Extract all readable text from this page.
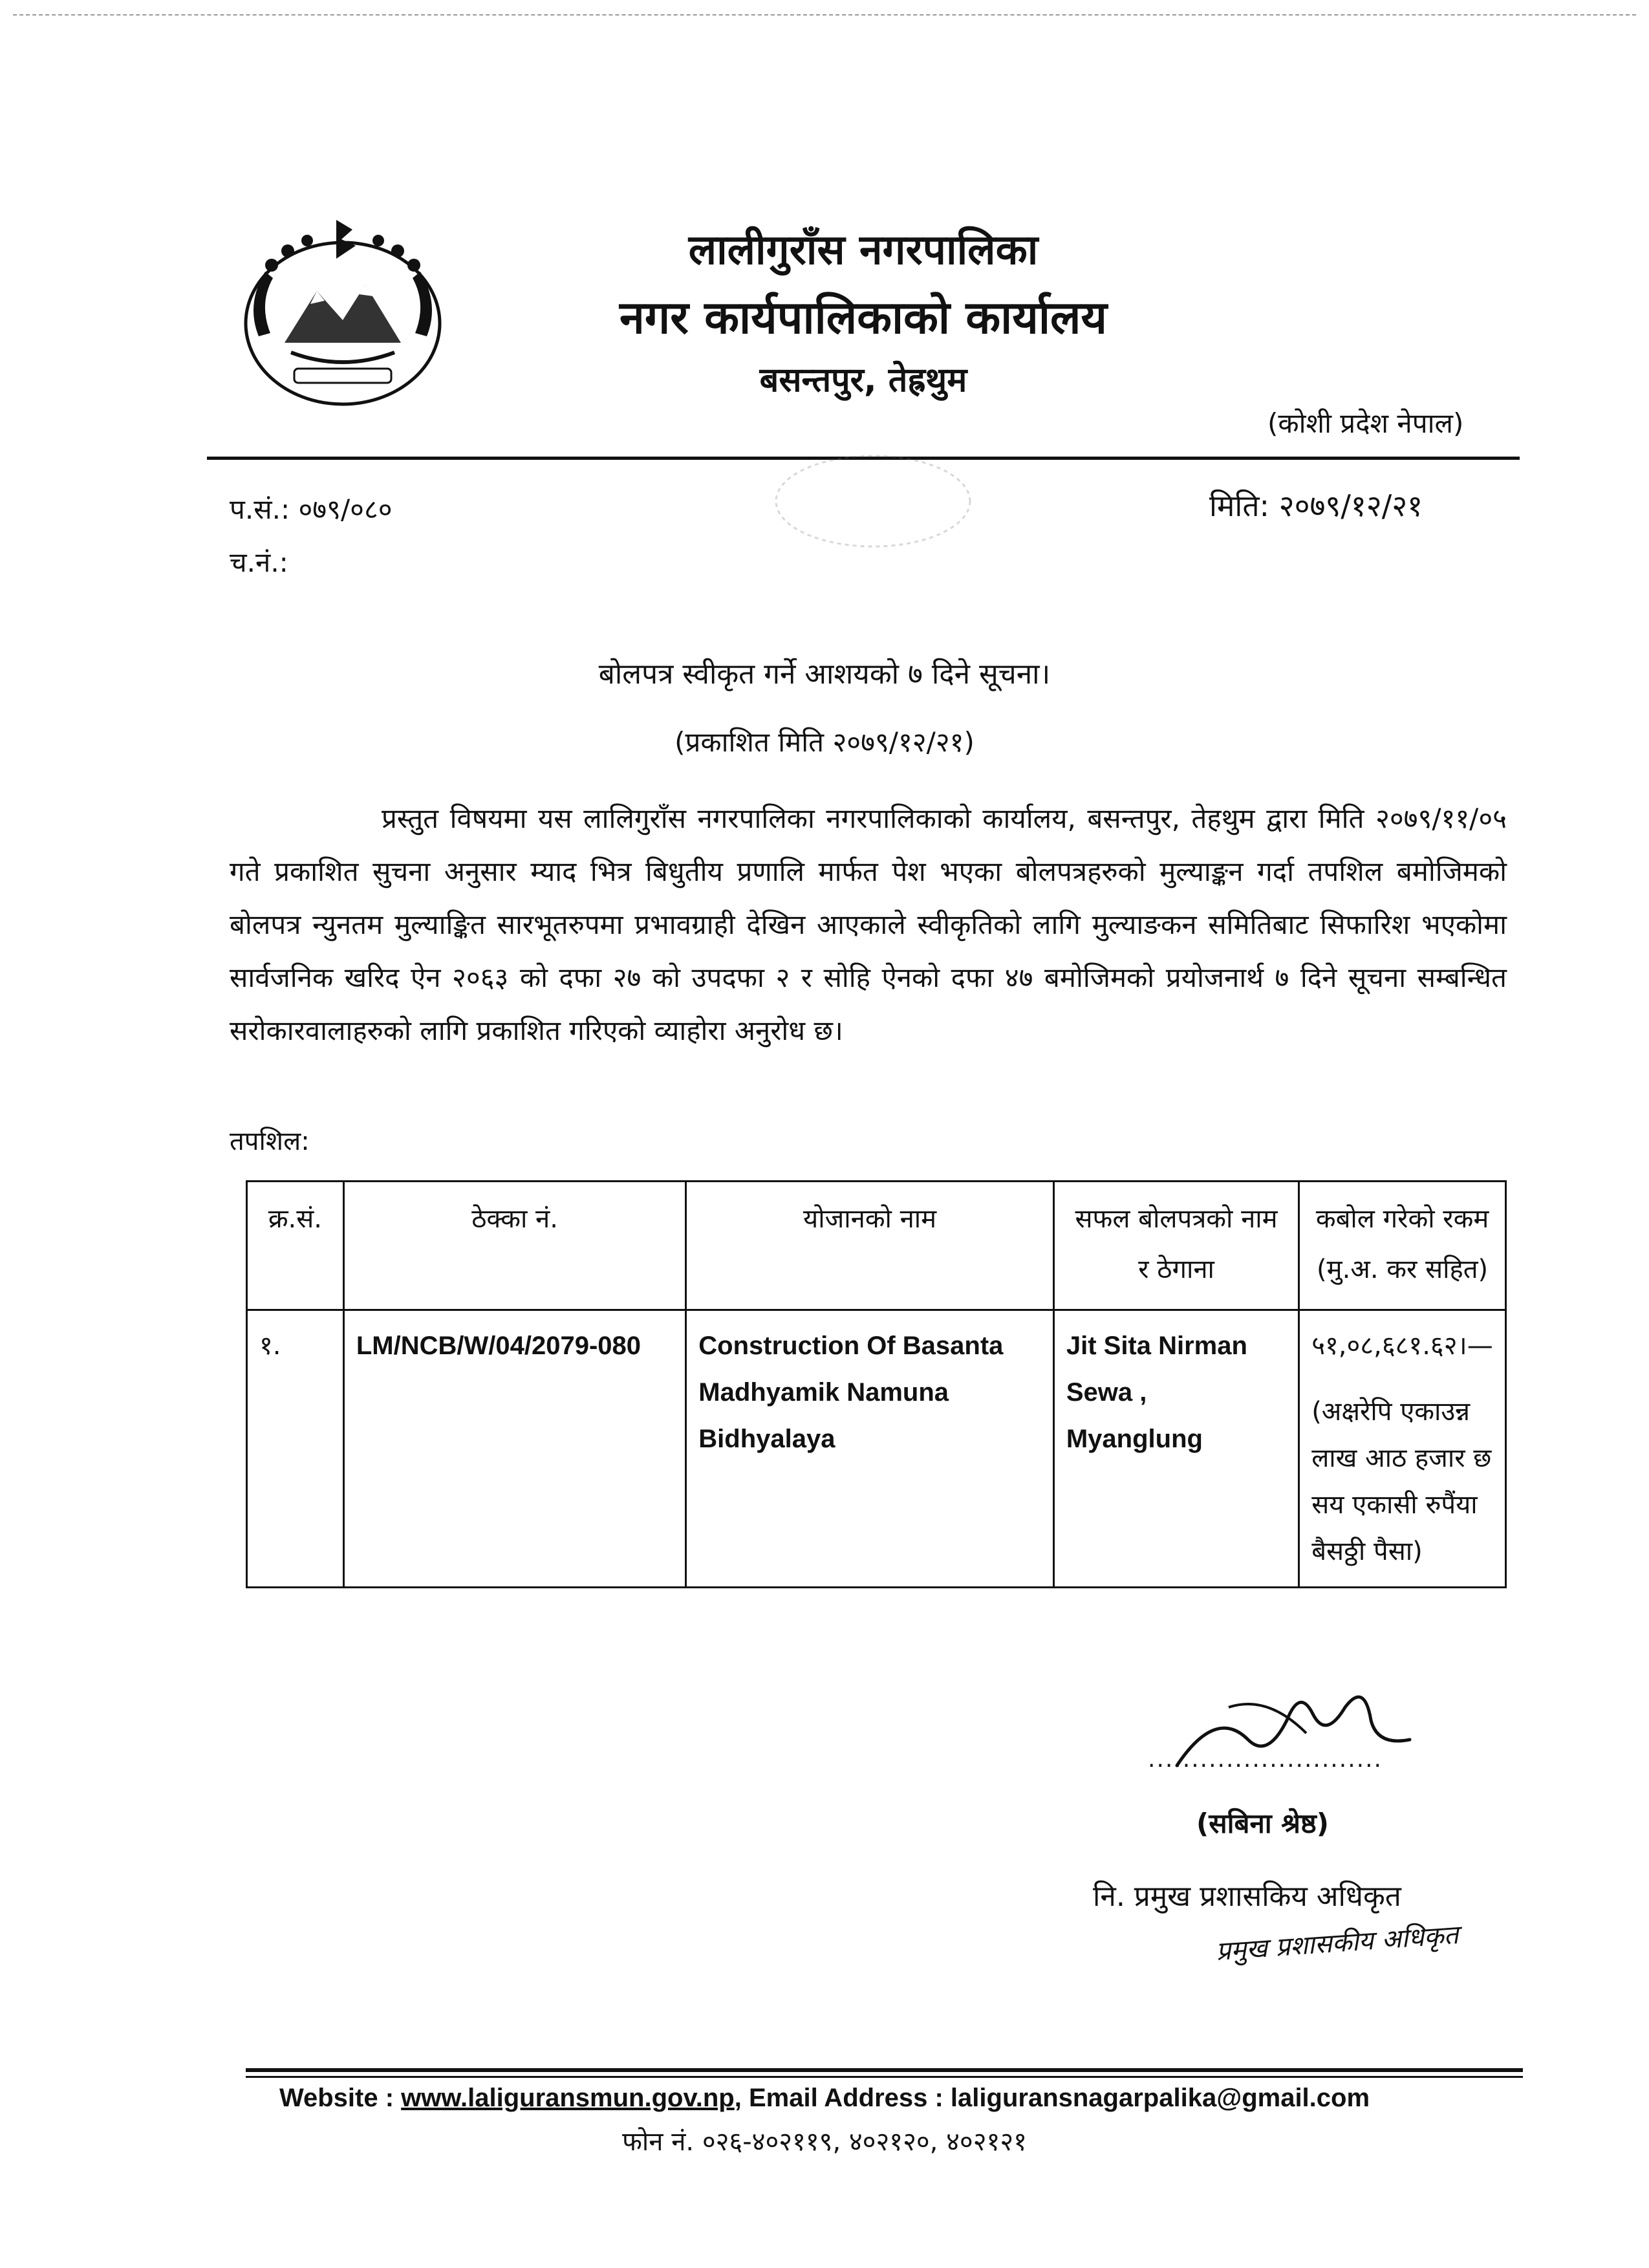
लालीगुराँस नगरपालिका
नगर कार्यपालिकाको कार्यालय
बसन्तपुर, तेह्रथुम
(कोशी प्रदेश नेपाल)
प.सं.: ०७९/०८०
च.नं.:
मिति: २०७९/१२/२१
बोलपत्र स्वीकृत गर्ने आशयको ७ दिने सूचना।
(प्रकाशित मिति २०७९/१२/२१)
प्रस्तुत विषयमा यस लालिगुराँस नगरपालिका नगरपालिकाको कार्यालय, बसन्तपुर, तेहथुम द्वारा मिति २०७९/११/०५ गते प्रकाशित सुचना अनुसार म्याद भित्र बिधुतीय प्रणालि मार्फत पेश भएका बोलपत्रहरुको मुल्याङ्कन गर्दा तपशिल बमोजिमको बोलपत्र न्युनतम मुल्याङ्कित सारभूतरुपमा प्रभावग्राही देखिन आएकाले स्वीकृतिको लागि मुल्याङकन समितिबाट सिफारिश भएकोमा सार्वजनिक खरिद ऐन २०६३ को दफा २७ को उपदफा २ र सोहि ऐनको दफा ४७ बमोजिमको प्रयोजनार्थ ७ दिने सूचना सम्बन्धित सरोकारवालाहरुको लागि प्रकाशित गरिएको व्याहोरा अनुरोध छ।
तपशिल:
क्र.सं.	ठेक्का नं.	योजानको नाम	सफल बोलपत्रको नाम र ठेगाना	कबोल गरेको रकम (मु.अ. कर सहित)
१.	LM/NCB/W/04/2079-080	Construction Of Basanta Madhyamik Namuna Bidhyalaya	Jit Sita Nirman Sewa , Myanglung	५१,०८,६८१.६२।—
(अक्षरेपि एकाउन्न लाख आठ हजार छ सय एकासी रुपैंया बैसठ्ठी पैसा)
...........................
(सबिना श्रेष्ठ)
नि. प्रमुख प्रशासकिय अधिकृत
प्रमुख प्रशासकीय अधिकृत
Website : www.laliguransmun.gov.np, Email Address : laliguransnagarpalika@gmail.com
फोन नं. ०२६-४०२११९, ४०२१२०, ४०२१२१
